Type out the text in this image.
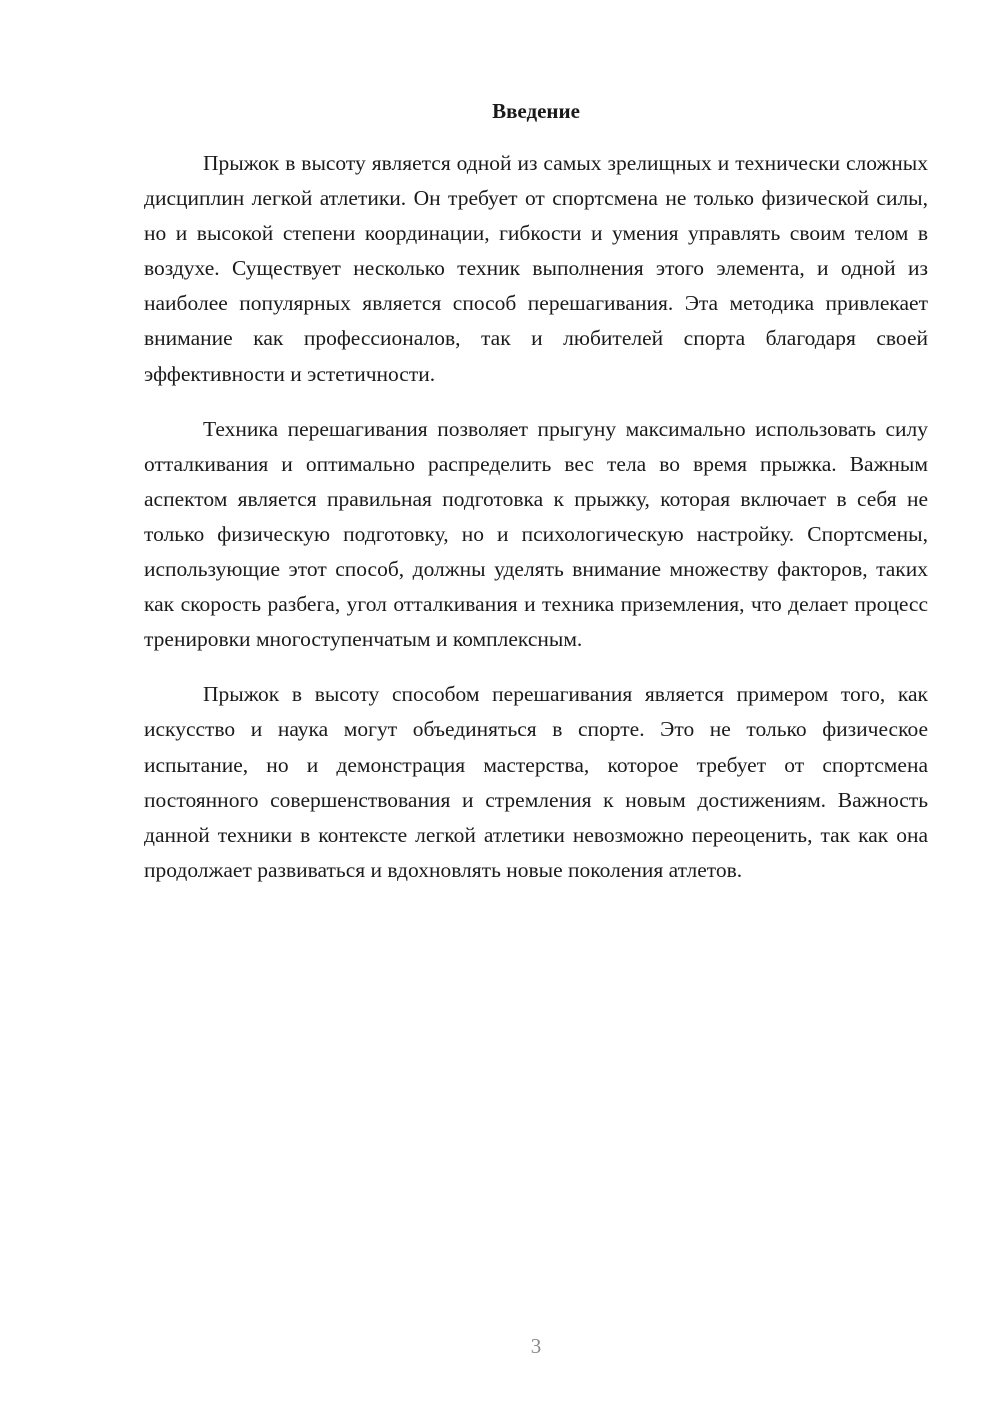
Введение

Прыжок в высоту является одной из самых зрелищных и технически сложных дисциплин легкой атлетики. Он требует от спортсмена не только физической силы, но и высокой степени координации, гибкости и умения управлять своим телом в воздухе. Существует несколько техник выполнения этого элемента, и одной из наиболее популярных является способ перешагивания. Эта методика привлекает внимание как профессионалов, так и любителей спорта благодаря своей эффективности и эстетичности.

Техника перешагивания позволяет прыгуну максимально использовать силу отталкивания и оптимально распределить вес тела во время прыжка. Важным аспектом является правильная подготовка к прыжку, которая включает в себя не только физическую подготовку, но и психологическую настройку. Спортсмены, использующие этот способ, должны уделять внимание множеству факторов, таких как скорость разбега, угол отталкивания и техника приземления, что делает процесс тренировки многоступенчатым и комплексным.

Прыжок в высоту способом перешагивания является примером того, как искусство и наука могут объединяться в спорте. Это не только физическое испытание, но и демонстрация мастерства, которое требует от спортсмена постоянного совершенствования и стремления к новым достижениям. Важность данной техники в контексте легкой атлетики невозможно переоценить, так как она продолжает развиваться и вдохновлять новые поколения атлетов.

3
